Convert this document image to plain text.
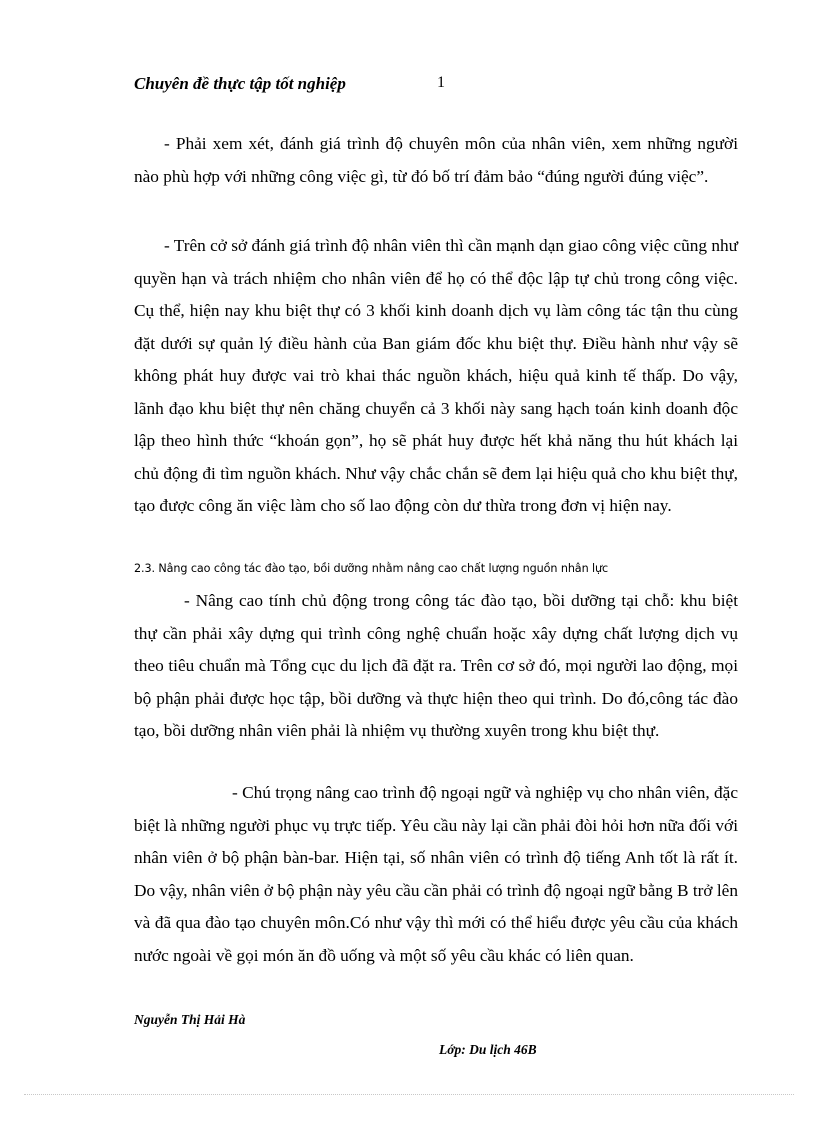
Chuyên đề thực tập tốt nghiệp	1

- Phải xem xét, đánh giá trình độ chuyên môn của nhân viên, xem những người nào phù hợp với những công việc gì, từ đó bố trí đảm bảo “đúng người đúng việc”.

- Trên cở sở đánh giá trình độ nhân viên thì cần mạnh dạn giao công việc cũng như quyền hạn và trách nhiệm cho nhân viên để họ có thể độc lập tự chủ trong công việc. Cụ thể, hiện nay khu biệt thự có 3 khối kinh doanh dịch vụ làm công tác tận thu cùng đặt dưới sự quản lý điều hành của Ban giám đốc khu biệt thự. Điều hành như vậy sẽ không phát huy được vai trò khai thác nguồn khách, hiệu quả kinh tế thấp. Do vậy, lãnh đạo khu biệt thự nên chăng chuyển cả 3 khối này sang hạch toán kinh doanh độc lập theo hình thức “khoán gọn”, họ sẽ phát huy được hết khả năng thu hút khách lại chủ động đi tìm nguồn khách. Như vậy chắc chắn sẽ đem lại hiệu quả cho khu biệt thự, tạo được công ăn việc làm cho số lao động còn dư thừa trong đơn vị hiện nay.

2.3. Nâng cao công tác đào tạo, bồi dưỡng nhằm nâng cao chất lượng nguồn nhân lực

- Nâng cao tính chủ động trong công tác đào tạo, bồi dưỡng tại chỗ: khu biệt thự cần phải xây dựng qui trình công nghệ chuẩn hoặc xây dựng chất lượng dịch vụ theo tiêu chuẩn mà Tổng cục du lịch đã đặt ra. Trên cơ sở đó, mọi người lao động, mọi bộ phận phải được học tập, bồi dưỡng và thực hiện theo qui trình. Do đó,công tác đào tạo, bồi dưỡng nhân viên phải là nhiệm vụ thường xuyên trong khu biệt thự.

- Chú trọng nâng cao trình độ ngoại ngữ và nghiệp vụ cho nhân viên, đặc biệt là những người phục vụ trực tiếp. Yêu cầu này lại cần phải đòi hỏi hơn nữa đối với nhân viên ở bộ phận bàn-bar. Hiện tại, số nhân viên có trình độ tiếng Anh tốt là rất ít. Do vậy, nhân viên ở bộ phận này yêu cầu cần phải có trình độ ngoại ngữ bằng B trở lên và đã qua đào tạo chuyên môn.Có như vậy thì mới có thể hiểu được yêu cầu của khách nước ngoài về gọi món ăn đồ uống và một số yêu cầu khác có liên quan.

Nguyễn Thị Hải Hà
Lớp: Du lịch 46B
